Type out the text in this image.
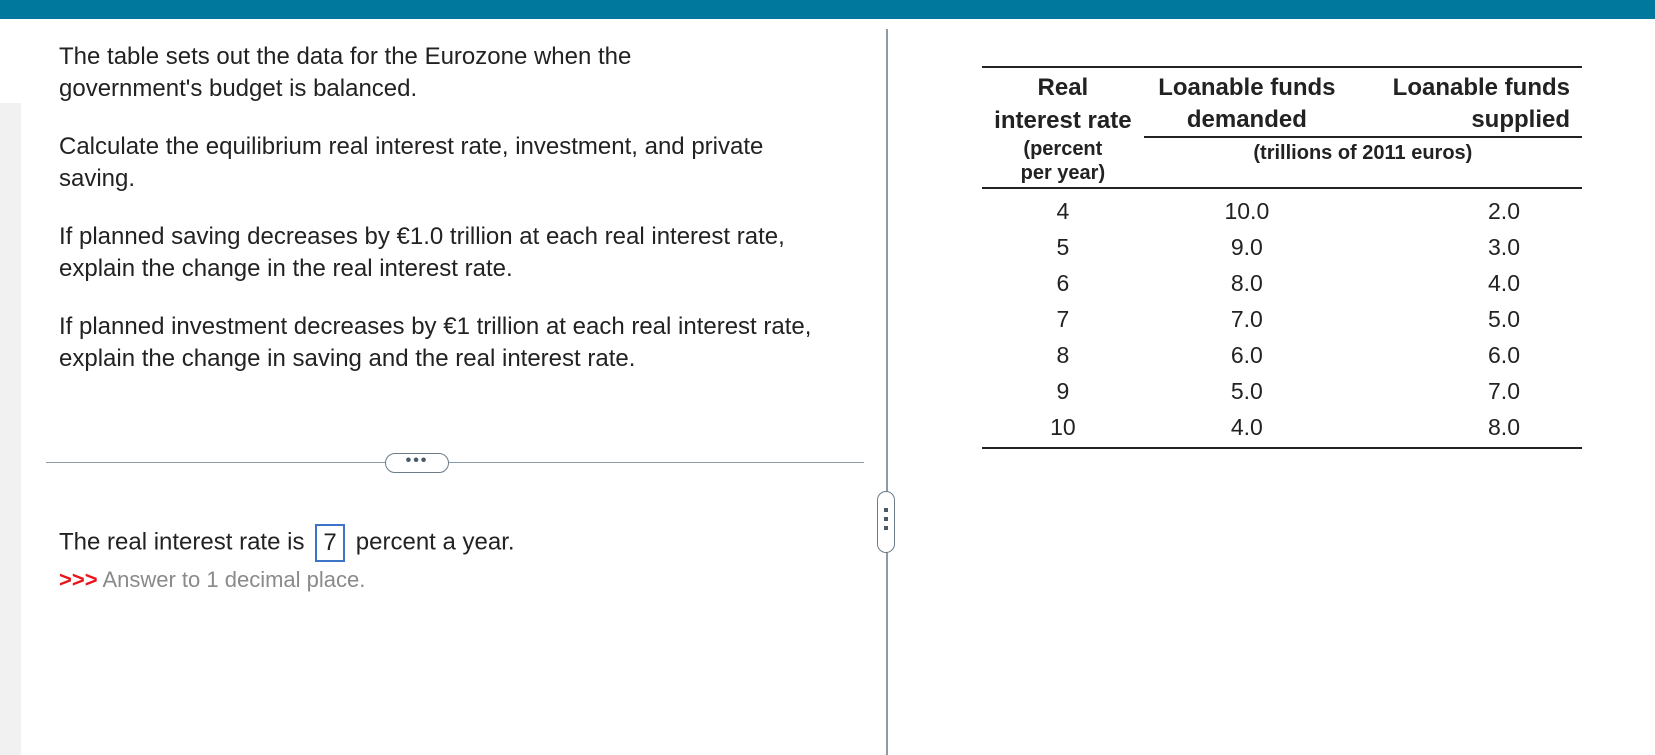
The table sets out the data for the Eurozone when the government's budget is balanced.

Calculate the equilibrium real interest rate, investment, and private saving.

If planned saving decreases by €1.0 trillion at each real interest rate, explain the change in the real interest rate.

If planned investment decreases by €1 trillion at each real interest rate, explain the change in saving and the real interest rate.

•••
The real interest rate is 7 percent a year.
>>> Answer to 1 decimal place.
Real	Loanable funds	Loanable funds
interest rate	demanded	supplied

(percent
per year)	(trillions of 2011 euros)	
4	10.0	2.0
5	9.0	3.0
6	8.0	4.0
7	7.0	5.0
8	6.0	6.0
9	5.0	7.0
10	4.0	8.0
